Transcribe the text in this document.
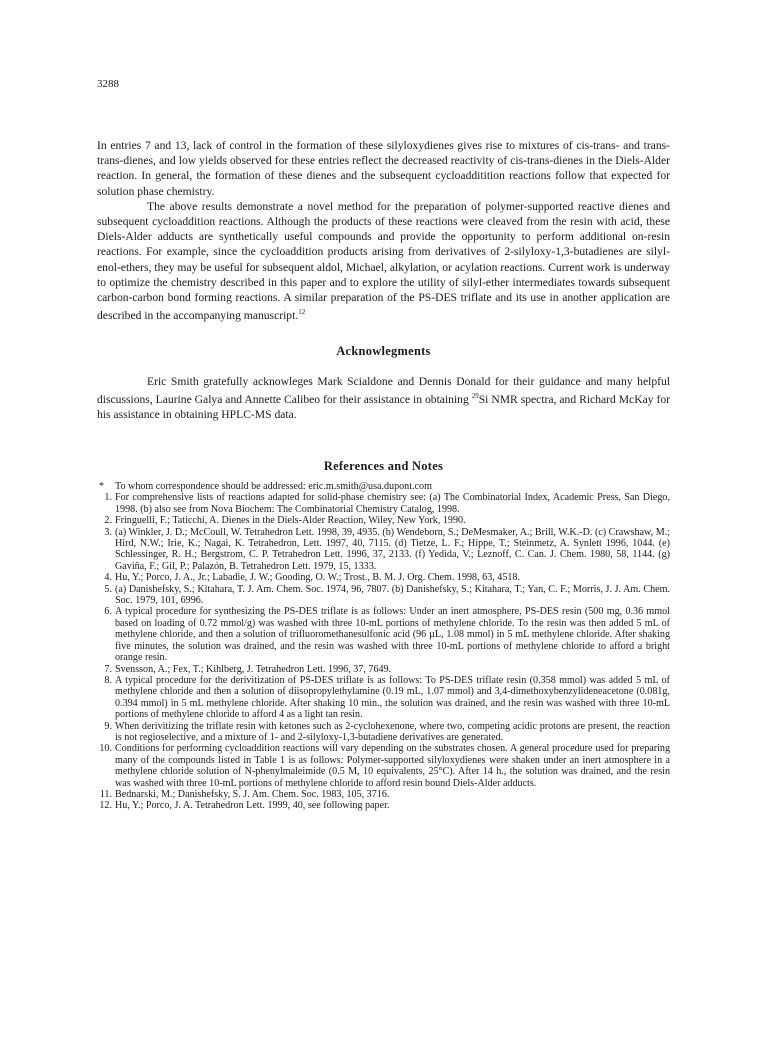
3288

In entries 7 and 13, lack of control in the formation of these silyloxydienes gives rise to mixtures of cis-trans- and trans-trans-dienes, and low yields observed for these entries reflect the decreased reactivity of cis-trans-dienes in the Diels-Alder reaction. In general, the formation of these dienes and the subsequent cycloadditition reactions follow that expected for solution phase chemistry.

The above results demonstrate a novel method for the preparation of polymer-supported reactive dienes and subsequent cycloaddition reactions. Although the products of these reactions were cleaved from the resin with acid, these Diels-Alder adducts are synthetically useful compounds and provide the opportunity to perform additional on-resin reactions. For example, since the cycloaddition products arising from derivatives of 2-silyloxy-1,3-butadienes are silyl-enol-ethers, they may be useful for subsequent aldol, Michael, alkylation, or acylation reactions. Current work is underway to optimize the chemistry described in this paper and to explore the utility of silyl-ether intermediates towards subsequent carbon-carbon bond forming reactions. A similar preparation of the PS-DES triflate and its use in another application are described in the accompanying manuscript.$^{12}$

Acknowlegments

Eric Smith gratefully acknowleges Mark Scialdone and Dennis Donald for their guidance and many helpful discussions, Laurine Galya and Annette Calibeo for their assistance in obtaining $^{29}$Si NMR spectra, and Richard McKay for his assistance in obtaining HPLC-MS data.

References and Notes
*	To whom correspondence should be addressed: eric.m.smith@usa.dupont.com
1. For comprehensive lists of reactions adapted for solid-phase chemistry see: (a) The Combinatorial Index, Academic Press, San Diego, 1998. (b) also see from Nova Biochem: The Combinatorial Chemistry Catalog, 1998.
2. Fringuelli, F.; Taticchi, A. Dienes in the Diels-Alder Reaction, Wiley, New York, 1990.
3. (a) Winkler, J. D.; McCoull, W. Tetrahedron Lett. 1998, 39, 4935. (b) Wendeborn, S.; DeMesmaker, A.; Brill, W.K.-D. (c) Crawshaw, M.; Hird, N.W.; Irie, K.; Nagai, K. Tetrahedron, Lett. 1997, 40, 7115. (d) Tietze, L. F.; Hippe, T.; Steinmetz, A. Synlett 1996, 1044. (e) Schlessinger, R. H.; Bergstrom, C. P. Tetrahedron Lett. 1996, 37, 2133. (f) Yedida, V.; Leznoff, C. Can. J. Chem. 1980, 58, 1144. (g) Gaviña, F.; Gil, P.; Palazón, B. Tetrahedron Lett. 1979, 15, 1333.
4. Hu, Y.; Porco, J. A., Jr.; Labadie, J. W.; Gooding, O. W.; Trost., B. M. J. Org. Chem. 1998, 63, 4518.
5. (a) Danishefsky, S.; Kitahara, T. J. Am. Chem. Soc. 1974, 96, 7807. (b) Danishefsky, S.; Kitahara, T.; Yan, C. F.; Morris, J. J. Am. Chem. Soc. 1979, 101, 6996.
6. A typical procedure for synthesizing the PS-DES triflate is as follows: Under an inert atmosphere, PS-DES resin (500 mg, 0.36 mmol based on loading of 0.72 mmol/g) was washed with three 10-mL portions of methylene chloride. To the resin was then added 5 mL of methylene chloride, and then a solution of trifluoromethanesulfonic acid (96 µL, 1.08 mmol) in 5 mL methylene chloride. After shaking five minutes, the solution was drained, and the resin was washed with three 10-mL portions of methylene chloride to afford a bright orange resin.
7. Svensson, A.; Fex, T.; Kihlberg, J. Tetrahedron Lett. 1996, 37, 7649.
8. A typical procedure for the derivitization of PS-DES triflate is as follows: To PS-DES triflate resin (0.358 mmol) was added 5 mL of methylene chloride and then a solution of diisopropylethylamine (0.19 mL, 1.07 mmol) and 3,4-dimethoxybenzylideneacetone (0.081g, 0.394 mmol) in 5 mL methylene chloride. After shaking 10 min., the solution was drained, and the resin was washed with three 10-mL portions of methylene chloride to afford 4 as a light tan resin.
9. When derivitizing the triflate resin with ketones such as 2-cyclohexenone, where two, competing acidic protons are present, the reaction is not regioselective, and a mixture of 1- and 2-silyloxy-1,3-butadiene derivatives are generated.
10. Conditions for performing cycloaddition reactions will vary depending on the substrates chosen. A general procedure used for preparing many of the compounds listed in Table 1 is as follows: Polymer-supported silyloxydienes were shaken under an inert atmosphere in a methylene chloride solution of N-phenylmaleimide (0.5 M, 10 equivalents, 25°C). After 14 h., the solution was drained, and the resin was washed with three 10-mL portions of methylene chloride to afford resin bound Diels-Alder adducts.
11. Bednarski, M.; Danishefsky, S. J. Am. Chem. Soc. 1983, 105, 3716.
12. Hu, Y.; Porco, J. A. Tetrahedron Lett. 1999, 40, see following paper.
